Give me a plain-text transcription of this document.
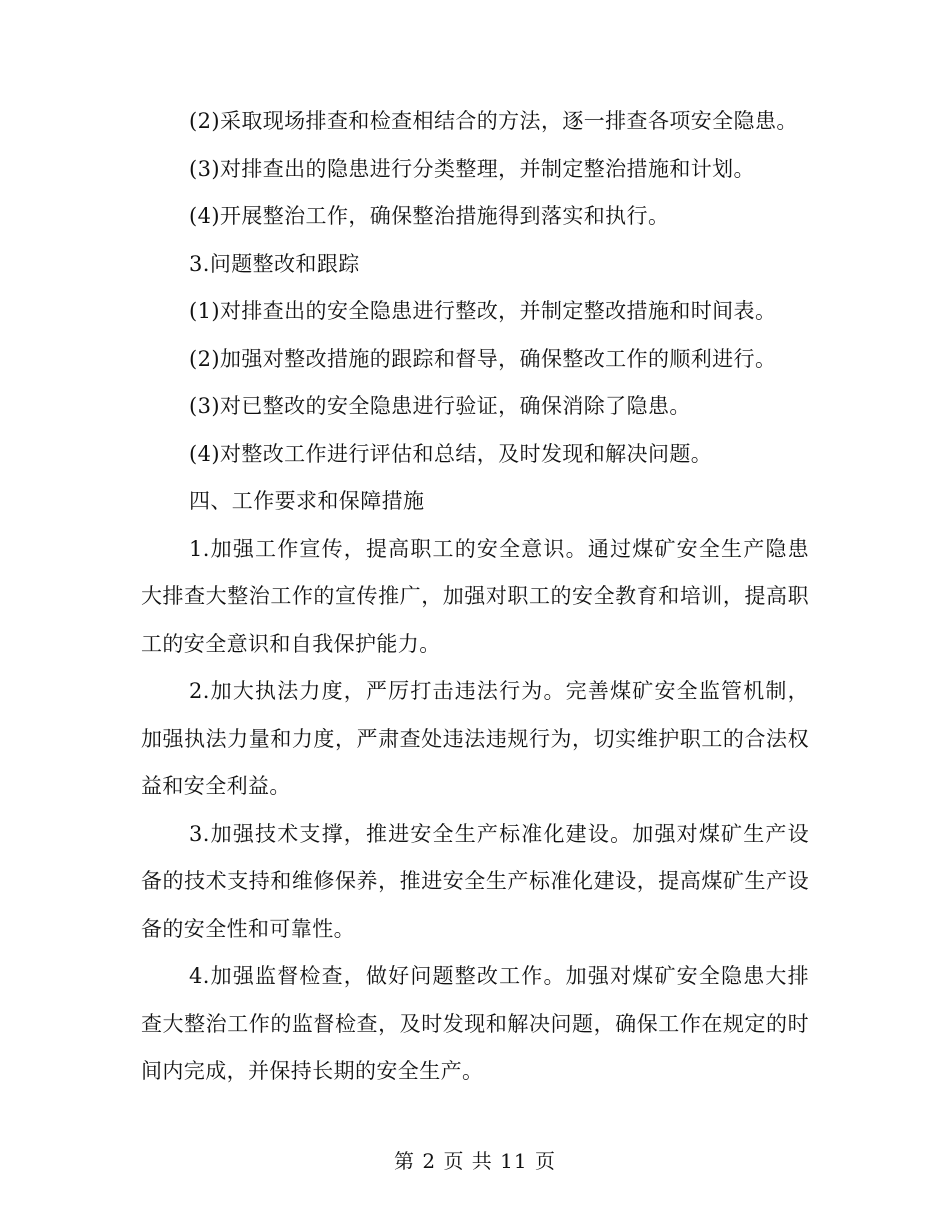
(2)采取现场排查和检查相结合的方法，逐一排查各项安全隐患。

(3)对排查出的隐患进行分类整理，并制定整治措施和计划。

(4)开展整治工作，确保整治措施得到落实和执行。

3.问题整改和跟踪

(1)对排查出的安全隐患进行整改，并制定整改措施和时间表。

(2)加强对整改措施的跟踪和督导，确保整改工作的顺利进行。

(3)对已整改的安全隐患进行验证，确保消除了隐患。

(4)对整改工作进行评估和总结，及时发现和解决问题。

四、工作要求和保障措施

1.加强工作宣传，提高职工的安全意识。通过煤矿安全生产隐患大排查大整治工作的宣传推广，加强对职工的安全教育和培训，提高职工的安全意识和自我保护能力。

2.加大执法力度，严厉打击违法行为。完善煤矿安全监管机制，加强执法力量和力度，严肃查处违法违规行为，切实维护职工的合法权益和安全利益。

3.加强技术支撑，推进安全生产标准化建设。加强对煤矿生产设备的技术支持和维修保养，推进安全生产标准化建设，提高煤矿生产设备的安全性和可靠性。

4.加强监督检查，做好问题整改工作。加强对煤矿安全隐患大排查大整治工作的监督检查，及时发现和解决问题，确保工作在规定的时间内完成，并保持长期的安全生产。

第 2 页 共 11 页
